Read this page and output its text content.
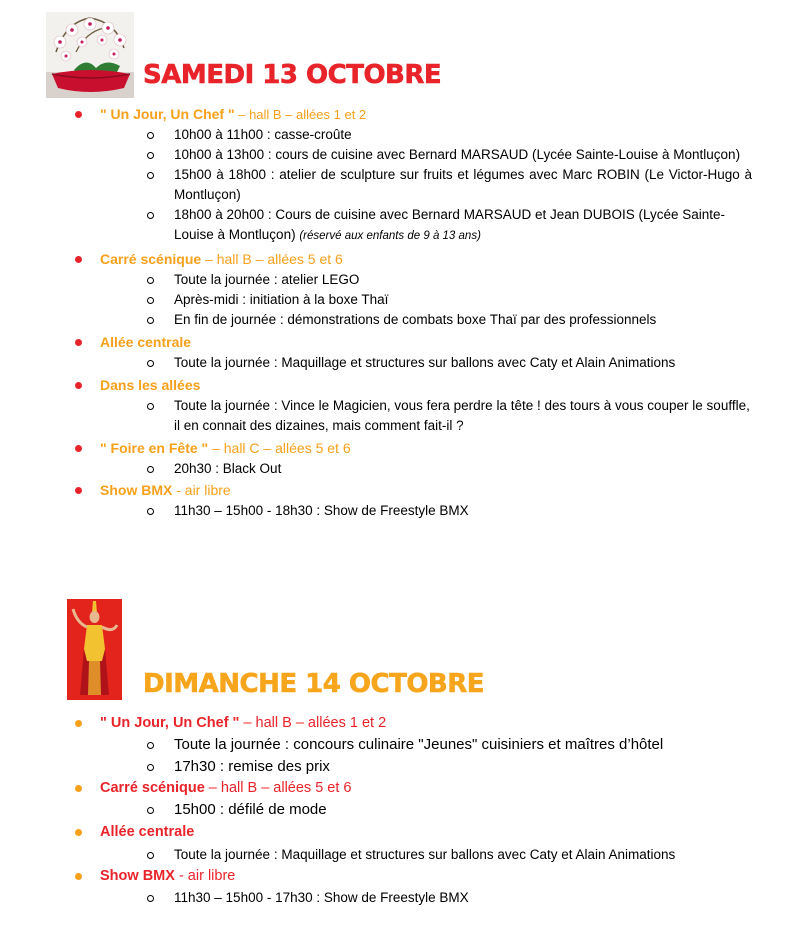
SAMEDI 13 OCTOBRE
" Un Jour, Un Chef " – hall B – allées 1 et 2
10h00 à 11h00 : casse-croûte
10h00 à 13h00 : cours de cuisine avec Bernard MARSAUD (Lycée Sainte-Louise à Montluçon)
15h00 à 18h00 : atelier de sculpture sur fruits et légumes avec Marc ROBIN (Le Victor-Hugo à Montluçon)
18h00 à 20h00 : Cours de cuisine avec Bernard MARSAUD et Jean DUBOIS (Lycée Sainte-Louise à Montluçon) (réservé aux enfants de 9 à 13 ans)
Carré scénique – hall B – allées 5 et 6
Toute la journée : atelier LEGO
Après-midi : initiation à la boxe Thaï
En fin de journée : démonstrations de combats boxe Thaï par des professionnels
Allée centrale
Toute la journée : Maquillage et structures sur ballons avec Caty et Alain Animations
Dans les allées
Toute la journée : Vince le Magicien, vous fera perdre la tête ! des tours à vous couper le souffle, il en connait des dizaines, mais comment fait-il ?
" Foire en Fête " – hall C – allées 5 et 6
20h30 : Black Out
Show BMX - air libre
11h30 – 15h00 - 18h30 : Show de Freestyle BMX
DIMANCHE 14 OCTOBRE
" Un Jour, Un Chef " – hall B – allées 1 et 2
Toute la journée : concours culinaire "Jeunes" cuisiniers et maîtres d’hôtel
17h30 : remise des prix
Carré scénique – hall B – allées 5 et 6
15h00 : défilé de mode
Allée centrale
Toute la journée : Maquillage et structures sur ballons avec Caty et Alain Animations
Show BMX - air libre
11h30 – 15h00 - 17h30 : Show de Freestyle BMX
